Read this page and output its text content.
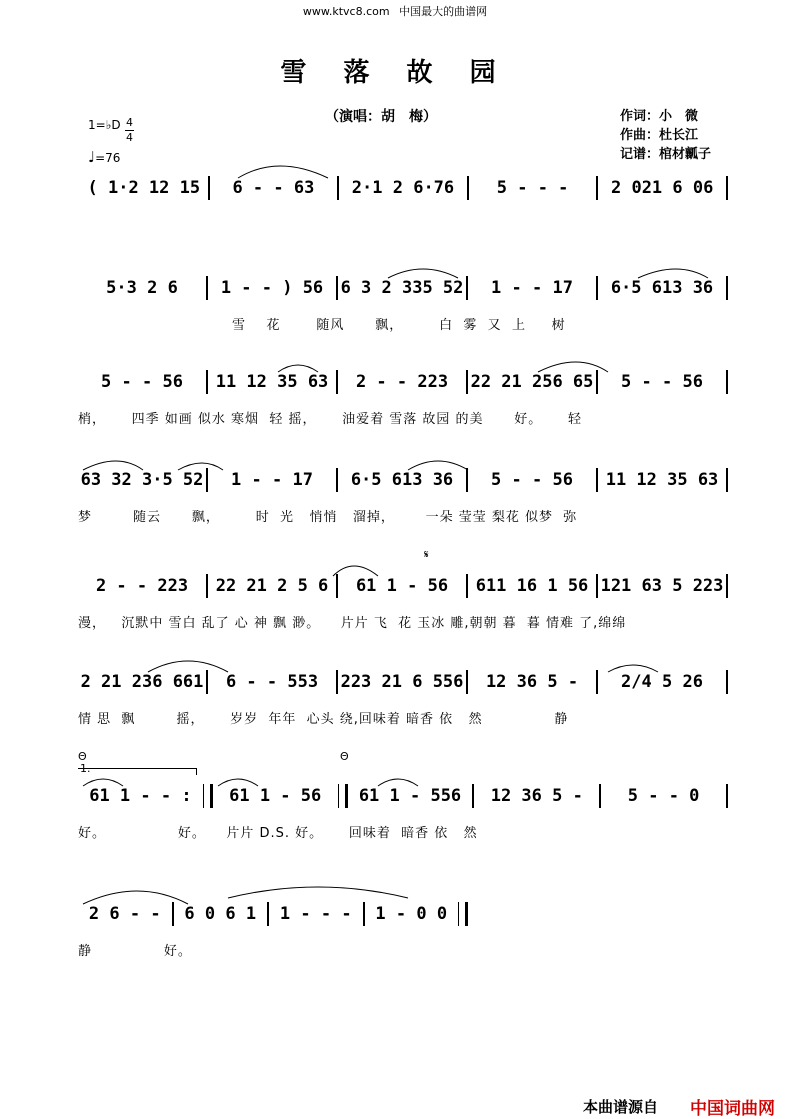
www.ktvc8.com 中国最大的曲谱网
雪 落 故 园
（演唱：胡　梅）	作词：小　微
作曲：杜长江
记谱：棺材瓤子
1=♭D 4
4
♩=76
( 1·2 12 15	6 - - 63	2·1 2 6·76	5 - - -	2 021 6 06
5·3 2 6	1 - - ) 56	6 3 2 335 52	1 - - 17	6·5 613 36
雪    花       随风      飘，       白  雾  又  上     树
5 - - 56	11 12 35 63	2 - - 223	22 21 256 65	5 - - 56
梢，     四季 如画 似水 寒烟  轻 摇，     油爱着 雪落 故园 的美      好。     轻
63 32 3·5 52	1 - - 17	6·5 613 36	5 - - 56	11 12 35 63
梦        随云      飘，       时  光   悄悄   溜掉，      一朵 莹莹 梨花 似梦  弥
𝄋
2 - - 223	22 21 2 5 6	61 1 - 56	611 16 1 56 121 63 5 223
漫，   沉默中 雪白 乱了 心 神 飘 渺。    片片 飞  花 玉冰 雕,朝朝 暮  暮 情难 了,绵绵
2 21 236 661	6 - - 553	223 21 6 556	12 36 5 -	2/4 5 26
情 思  飘        摇，     岁岁  年年  心头 绕,回味着 暗香 依   然              静
Θ
1.
Θ
61 1 - - :	61 1 - 56	61 1 - 556	12 36 5 -	5 - - 0
好。              好。    片片 D.S. 好。     回味着  暗香 依   然
2 6 - -	6 0 6 1	1 - - -	1 - 0 0
静              好。
本曲谱源自 中国词曲网
